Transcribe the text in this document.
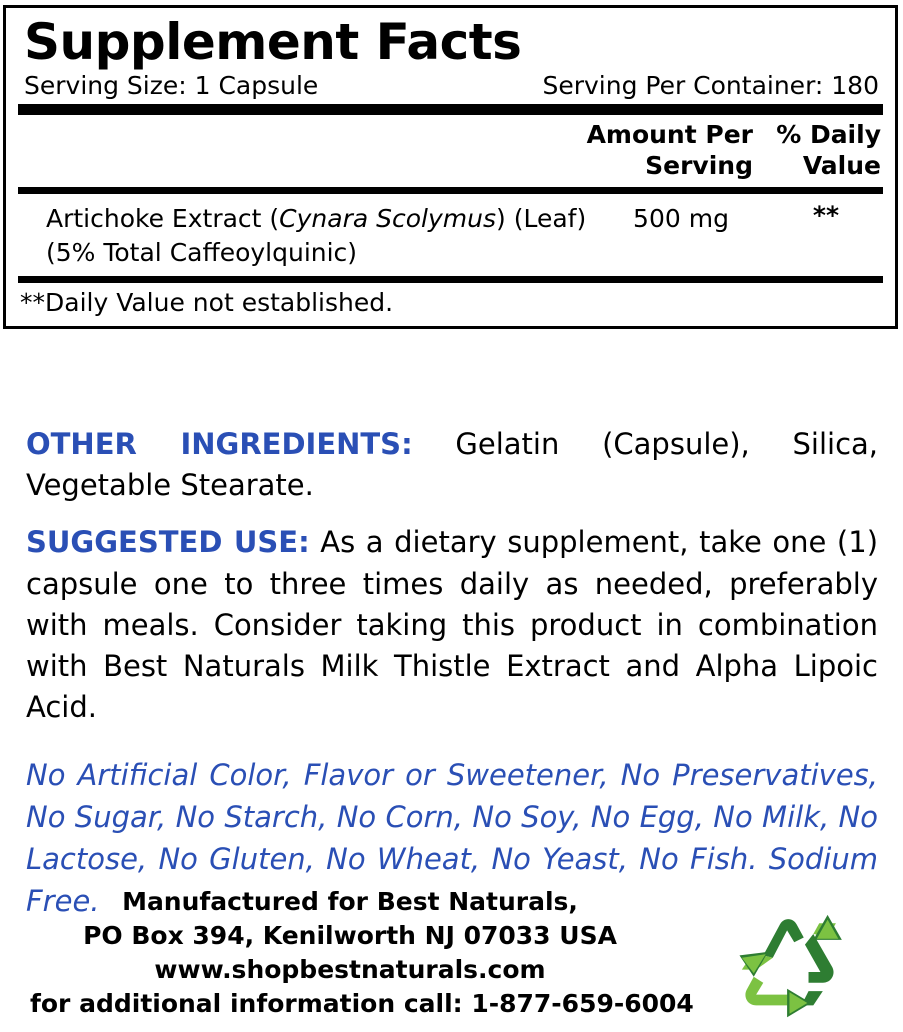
Supplement Facts
Serving Size: 1 Capsule	Serving Per Container: 180
Amount Per
Serving
% Daily
Value
Artichoke Extract (Cynara Scolymus) (Leaf)
(5% Total Caffeoylquinic)
500 mg	**
**Daily Value not established.

OTHER INGREDIENTS: Gelatin (Capsule), Silica, Vegetable Stearate.

SUGGESTED USE: As a dietary supplement, take one (1) capsule one to three times daily as needed, preferably with meals. Consider taking this product in combination with Best Naturals Milk Thistle Extract and Alpha Lipoic Acid.

No Artificial Color, Flavor or Sweetener, No Preservatives, No Sugar, No Starch, No Corn, No Soy, No Egg, No Milk, No Lactose, No Gluten, No Wheat, No Yeast, No Fish. Sodium Free. Manufactured for Best Naturals,
PO Box 394, Kenilworth NJ 07033 USA
www.shopbestnaturals.com
for additional information call: 1-877-659-6004
